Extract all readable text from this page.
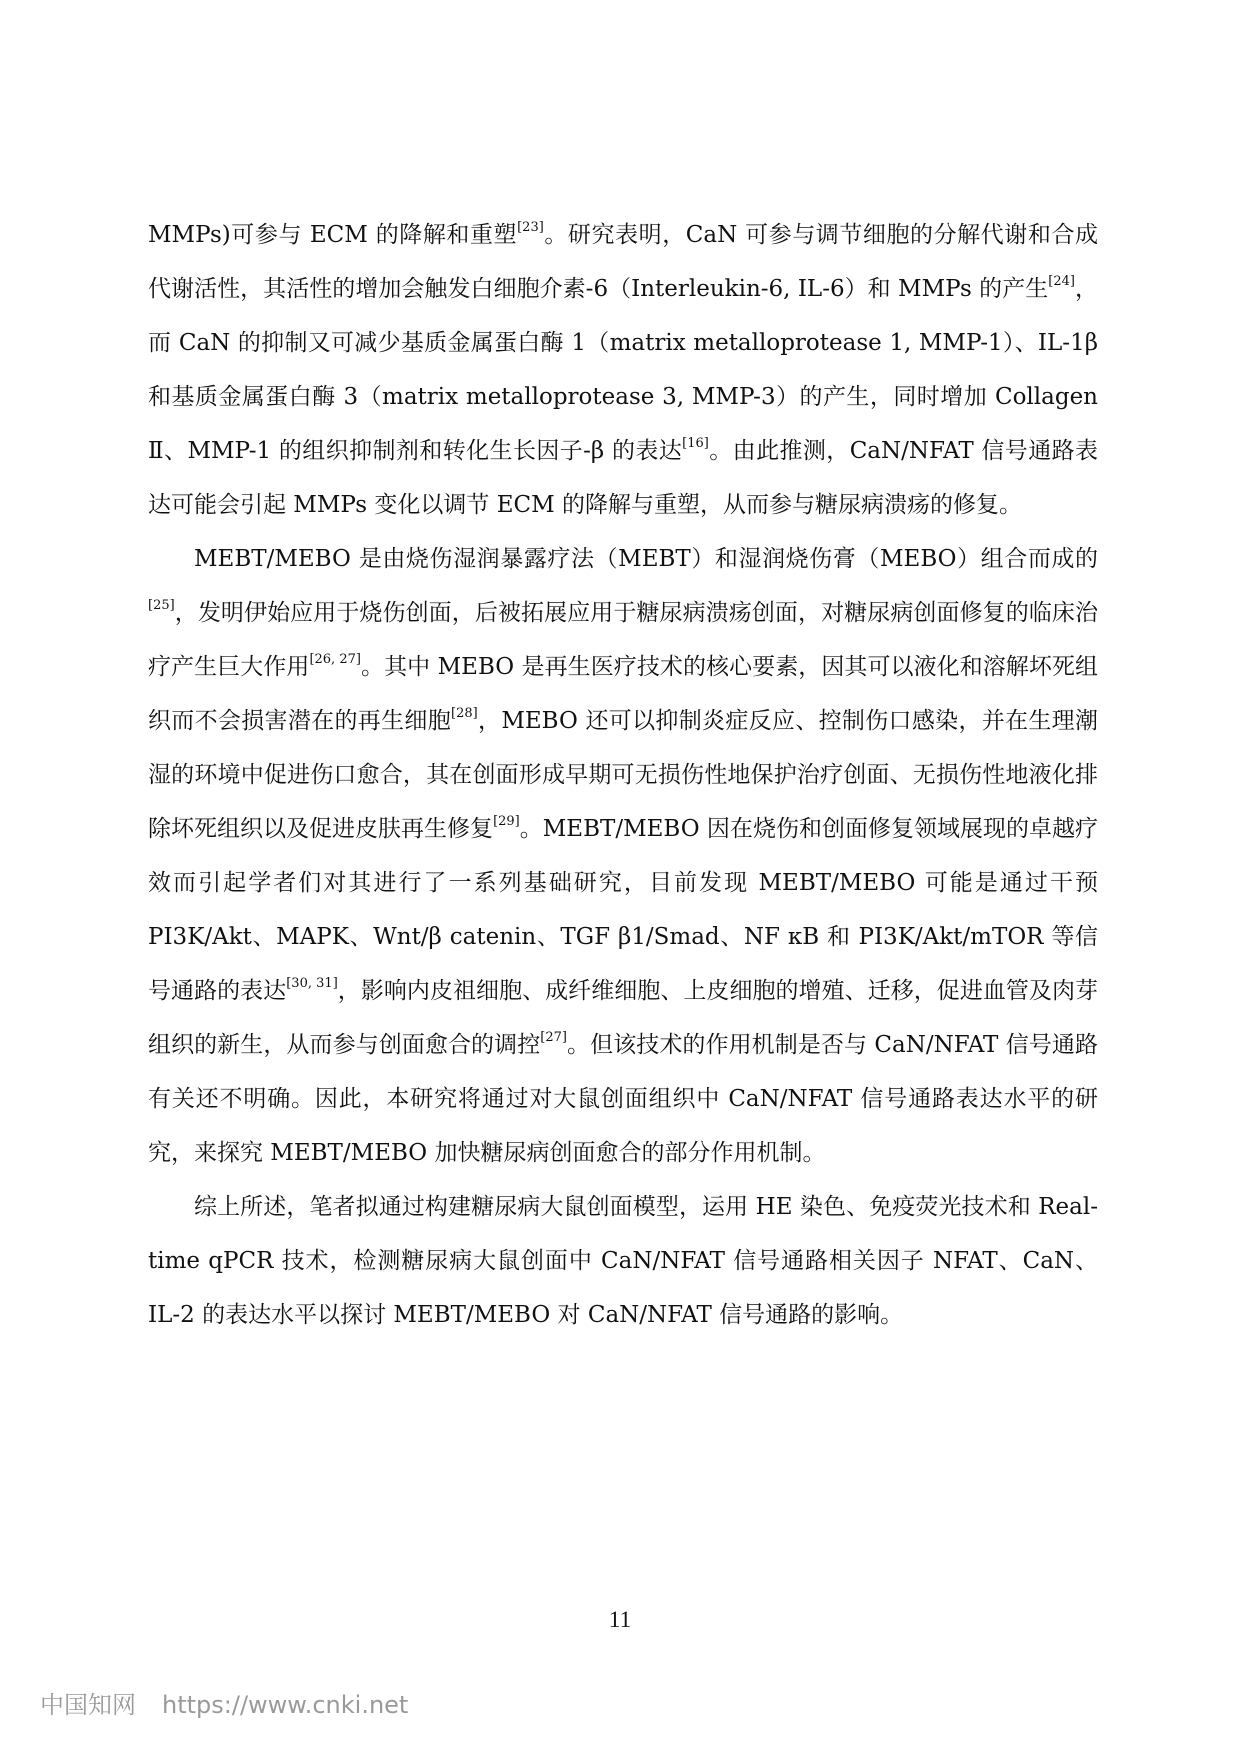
MMPs)可参与 ECM 的降解和重塑[23]。研究表明，CaN 可参与调节细胞的分解代谢和合成代谢活性，其活性的增加会触发白细胞介素-6（Interleukin-6, IL-6）和 MMPs 的产生[24]，而 CaN 的抑制又可减少基质金属蛋白酶 1（matrix metalloprotease 1, MMP-1）、IL-1β 和基质金属蛋白酶 3（matrix metalloprotease 3, MMP-3）的产生，同时增加 Collagen Ⅱ、MMP-1 的组织抑制剂和转化生长因子-β 的表达[16]。由此推测，CaN/NFAT 信号通路表达可能会引起 MMPs 变化以调节 ECM 的降解与重塑，从而参与糖尿病溃疡的修复。

MEBT/MEBO 是由烧伤湿润暴露疗法（MEBT）和湿润烧伤膏（MEBO）组合而成的[25]，发明伊始应用于烧伤创面，后被拓展应用于糖尿病溃疡创面，对糖尿病创面修复的临床治疗产生巨大作用[26, 27]。其中 MEBO 是再生医疗技术的核心要素，因其可以液化和溶解坏死组织而不会损害潜在的再生细胞[28]，MEBO 还可以抑制炎症反应、控制伤口感染，并在生理潮湿的环境中促进伤口愈合，其在创面形成早期可无损伤性地保护治疗创面、无损伤性地液化排除坏死组织以及促进皮肤再生修复[29]。MEBT/MEBO 因在烧伤和创面修复领域展现的卓越疗效而引起学者们对其进行了一系列基础研究，目前发现 MEBT/MEBO 可能是通过干预 PI3K/Akt、MAPK、Wnt/β catenin、TGF β1/Smad、NF κB 和 PI3K/Akt/mTOR 等信号通路的表达[30, 31]，影响内皮祖细胞、成纤维细胞、上皮细胞的增殖、迁移，促进血管及肉芽组织的新生，从而参与创面愈合的调控[27]。但该技术的作用机制是否与 CaN/NFAT 信号通路有关还不明确。因此，本研究将通过对大鼠创面组织中 CaN/NFAT 信号通路表达水平的研究，来探究 MEBT/MEBO 加快糖尿病创面愈合的部分作用机制。

综上所述，笔者拟通过构建糖尿病大鼠创面模型，运用 HE 染色、免疫荧光技术和 Real-time qPCR 技术，检测糖尿病大鼠创面中 CaN/NFAT 信号通路相关因子 NFAT、CaN、IL-2 的表达水平以探讨 MEBT/MEBO 对 CaN/NFAT 信号通路的影响。

11
中国知网 https://www.cnki.net
